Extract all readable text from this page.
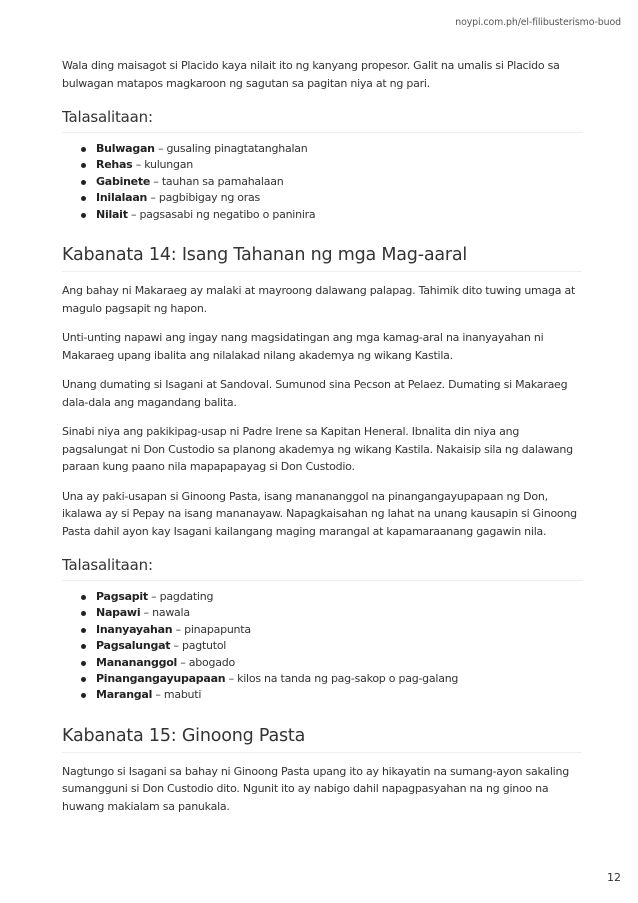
noypi.com.ph/el-filibusterismo-buod

Wala ding maisagot si Placido kaya nilait ito ng kanyang propesor. Galit na umalis si Placido sa bulwagan matapos magkaroon ng sagutan sa pagitan niya at ng pari.

Talasalitaan:
Bulwagan – gusaling pinagtatanghalan
Rehas – kulungan
Gabinete – tauhan sa pamahalaan
Inilalaan – pagbibigay ng oras
Nilait – pagsasabi ng negatibo o paninira
Kabanata 14: Isang Tahanan ng mga Mag-aaral

Ang bahay ni Makaraeg ay malaki at mayroong dalawang palapag. Tahimik dito tuwing umaga at magulo pagsapit ng hapon.

Unti-unting napawi ang ingay nang magsidatingan ang mga kamag-aral na inanyayahan ni Makaraeg upang ibalita ang nilalakad nilang akademya ng wikang Kastila.

Unang dumating si Isagani at Sandoval. Sumunod sina Pecson at Pelaez. Dumating si Makaraeg dala-dala ang magandang balita.

Sinabi niya ang pakikipag-usap ni Padre Irene sa Kapitan Heneral. Ibnalita din niya ang pagsalungat ni Don Custodio sa planong akademya ng wikang Kastila. Nakaisip sila ng dalawang paraan kung paano nila mapapapayag si Don Custodio.

Una ay paki-usapan si Ginoong Pasta, isang manananggol na pinangangayupapaan ng Don, ikalawa ay si Pepay na isang mananayaw. Napagkaisahan ng lahat na unang kausapin si Ginoong Pasta dahil ayon kay Isagani kailangang maging marangal at kapamaraanang gagawin nila.

Talasalitaan:
Pagsapit – pagdating
Napawi – nawala
Inanyayahan – pinapapunta
Pagsalungat – pagtutol
Manananggol – abogado
Pinangangayupapaan – kilos na tanda ng pag-sakop o pag-galang
Marangal – mabuti
Kabanata 15: Ginoong Pasta

Nagtungo si Isagani sa bahay ni Ginoong Pasta upang ito ay hikayatin na sumang-ayon sakaling sumangguni si Don Custodio dito. Ngunit ito ay nabigo dahil napagpasyahan na ng ginoo na huwang makialam sa panukala.

12
